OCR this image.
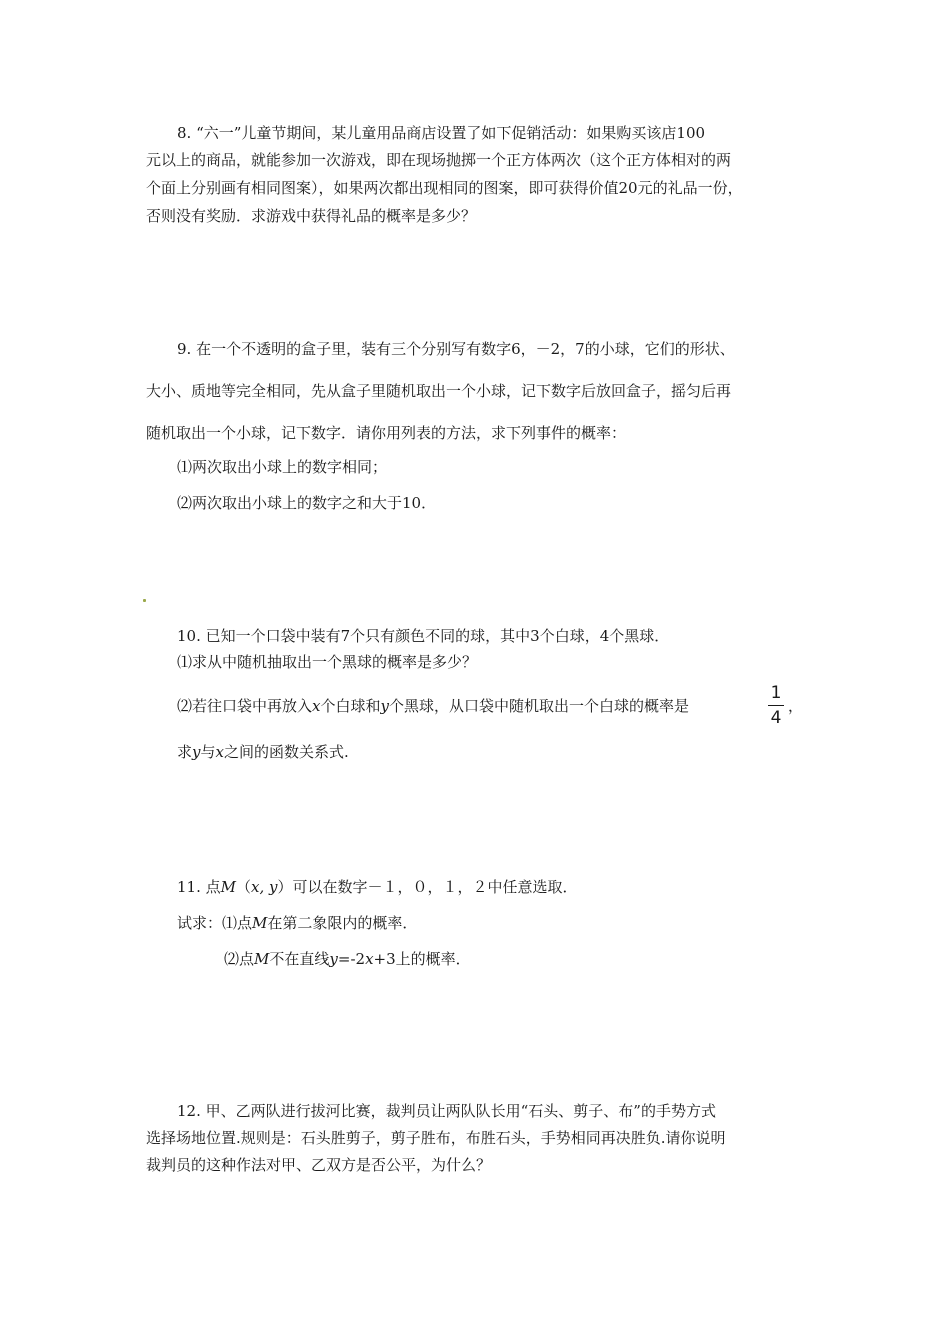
8. “六一”儿童节期间，某儿童用品商店设置了如下促销活动：如果购买该店100
元以上的商品，就能参加一次游戏，即在现场抛掷一个正方体两次（这个正方体相对的两
个面上分别画有相同图案），如果两次都出现相同的图案，即可获得价值20元的礼品一份，
否则没有奖励．求游戏中获得礼品的概率是多少？
9. 在一个不透明的盒子里，装有三个分别写有数字6，－2，7的小球，它们的形状、
大小、质地等完全相同，先从盒子里随机取出一个小球，记下数字后放回盒子，摇匀后再
随机取出一个小球，记下数字．请你用列表的方法，求下列事件的概率：
⑴两次取出小球上的数字相同；
⑵两次取出小球上的数字之和大于10．
10. 已知一个口袋中装有7个只有颜色不同的球，其中3个白球，4个黑球．
⑴求从中随机抽取出一个黑球的概率是多少？
⑵若往口袋中再放入x个白球和y个黑球，从口袋中随机取出一个白球的概率是
1
4
，
求y与x之间的函数关系式.
11. 点M（x, y）可以在数字－１，０，１，２中任意选取．
试求：⑴点M在第二象限内的概率．
⑵点M不在直线y=-2x+3上的概率．
12. 甲、乙两队进行拔河比赛，裁判员让两队队长用“石头、剪子、布”的手势方式
选择场地位置.规则是：石头胜剪子，剪子胜布，布胜石头，手势相同再决胜负.请你说明
裁判员的这种作法对甲、乙双方是否公平，为什么？
